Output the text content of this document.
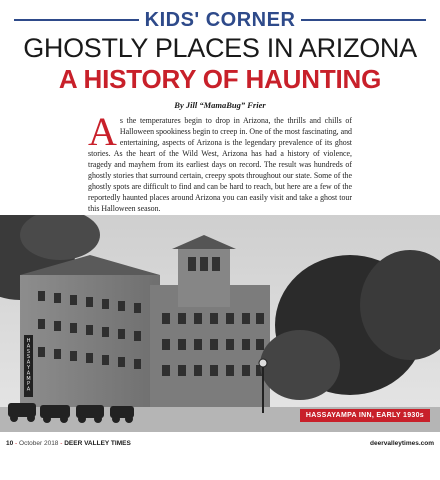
KIDS' CORNER
GHOSTLY PLACES IN ARIZONA
A HISTORY OF HAUNTING
By Jill “MamaBug” Frier
As the temperatures begin to drop in Arizona, the thrills and chills of Halloween spookiness begin to creep in. One of the most fascinating, and entertaining, aspects of Arizona is the legendary prevalence of its ghost stories. As the heart of the Wild West, Arizona has had a history of violence, tragedy and mayhem from its earliest days on record. The result was hundreds of ghostly stories that surround certain, creepy spots throughout our state. Some of the ghostly spots are difficult to find and can be hard to reach, but here are a few of the reportedly haunted places around Arizona you can easily visit and take a ghost tour this Halloween season.
H
A
S
S
A
Y
A
M
P
A
HASSAYAMPA INN, EARLY 1930s
10 - October 2018 - DEER VALLEY TIMES	deervalleytimes.com
